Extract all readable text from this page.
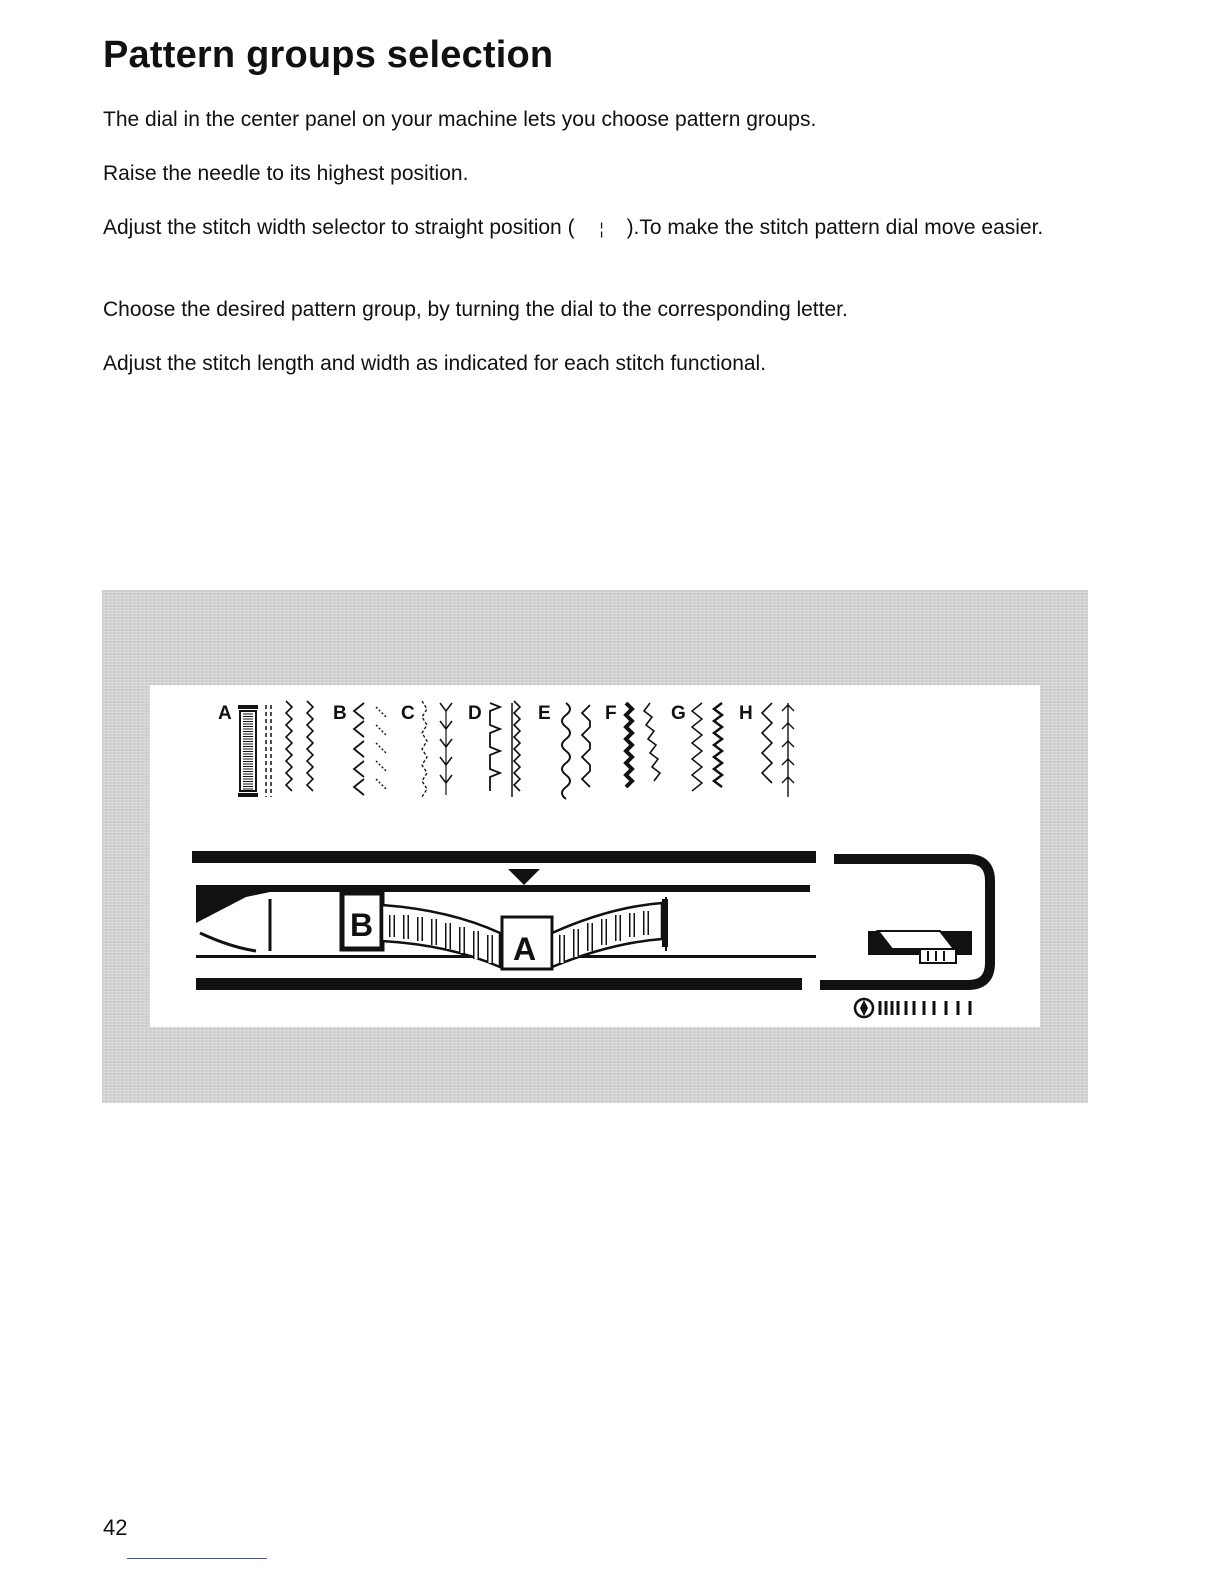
Pattern groups selection

The dial in the center panel on your machine lets you choose pattern groups.

Raise the needle to its highest position.

Adjust the stitch width selector to straight position ( ¦ ).To make the stitch pattern dial move easier.

Choose the desired pattern group, by turning the dial to the corresponding letter.

Adjust the stitch length and width as indicated for each stitch functional.

A	B	C	D	E	F	G	H
B
A
42
